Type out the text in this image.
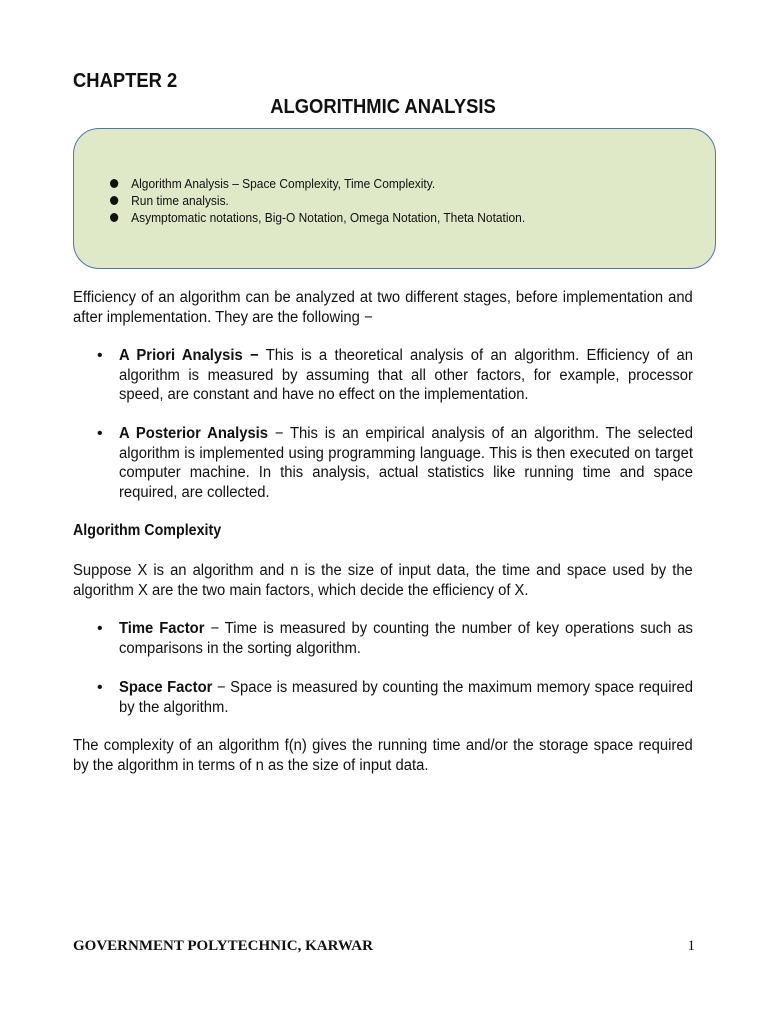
CHAPTER 2
ALGORITHMIC ANALYSIS
Algorithm Analysis – Space Complexity, Time Complexity.
Run time analysis.
Asymptomatic notations, Big-O Notation, Omega Notation, Theta Notation.
Efficiency of an algorithm can be analyzed at two different stages, before implementation and after implementation. They are the following −
• A Priori Analysis − This is a theoretical analysis of an algorithm. Efficiency of an algorithm is measured by assuming that all other factors, for example, processor speed, are constant and have no effect on the implementation.
• A Posterior Analysis − This is an empirical analysis of an algorithm. The selected algorithm is implemented using programming language. This is then executed on target computer machine. In this analysis, actual statistics like running time and space required, are collected.
Algorithm Complexity
Suppose X is an algorithm and n is the size of input data, the time and space used by the algorithm X are the two main factors, which decide the efficiency of X.
• Time Factor − Time is measured by counting the number of key operations such as comparisons in the sorting algorithm.
• Space Factor − Space is measured by counting the maximum memory space required by the algorithm.
The complexity of an algorithm f(n) gives the running time and/or the storage space required by the algorithm in terms of n as the size of input data.
GOVERNMENT POLYTECHNIC, KARWAR	1
